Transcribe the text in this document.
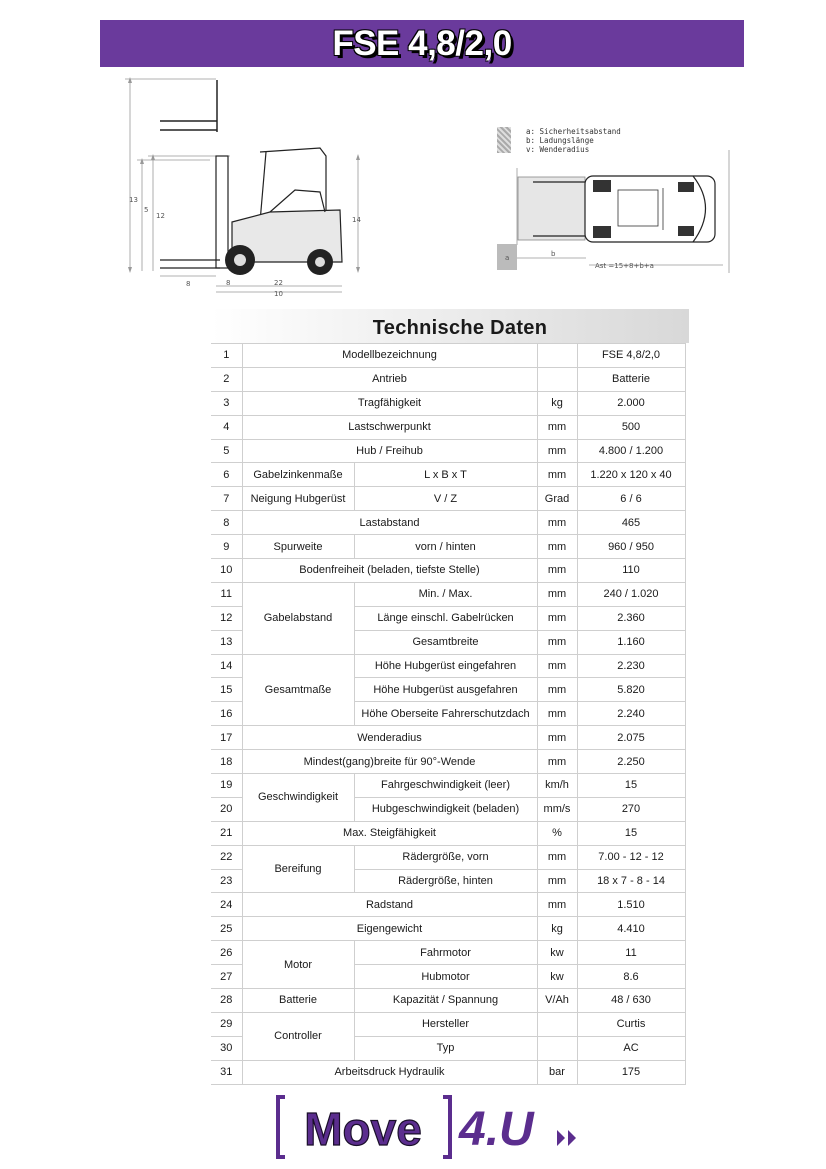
FSE 4,8/2,0
13
5
12	14
8	8	22
10
a: Sicherheitsabstand
b: Ladungslänge
v: Wenderadius
a	b
Ast =15+8+b+a
Technische Daten
1	Modellbezeichnung			FSE 4,8/2,0
2	Antrieb			Batterie
3	Tragfähigkeit		kg	2.000
4	Lastschwerpunkt		mm	500
5	Hub / Freihub		mm	4.800 / 1.200
6	Gabelzinkenmaße	L x B x T	mm	1.220 x 120 x 40
7	Neigung Hubgerüst	V / Z	Grad	6 / 6
8	Lastabstand		mm	465
9	Spurweite	vorn / hinten	mm	960 / 950
10	Bodenfreiheit (beladen, tiefste Stelle)		mm	110
11	Gabelabstand	Min. / Max.	mm	240 / 1.020
12		Länge einschl. Gabelrücken	mm	2.360
13		Gesamtbreite	mm	1.160
14	Gesamtmaße	Höhe Hubgerüst eingefahren	mm	2.230
15		Höhe Hubgerüst ausgefahren	mm	5.820
16		Höhe Oberseite Fahrerschutzdach	mm	2.240
17	Wenderadius		mm	2.075
18	Mindest(gang)breite für 90°-Wende		mm	2.250
19	Geschwindigkeit	Fahrgeschwindigkeit (leer)	km/h	15
20		Hubgeschwindigkeit (beladen)	mm/s	270
21	Max. Steigfähigkeit		%	15
22	Bereifung	Rädergröße, vorn	mm	7.00 - 12 - 12
23		Rädergröße, hinten	mm	18 x 7 - 8 - 14
24	Radstand		mm	1.510
25	Eigengewicht		kg	4.410
26	Motor	Fahrmotor	kw	11
27		Hubmotor	kw	8.6
28	Batterie	Kapazität / Spannung	V/Ah	48 / 630
29	Controller	Hersteller		Curtis
30		Typ		AC
31	Arbeitsdruck Hydraulik		bar	175
Move 4.U
